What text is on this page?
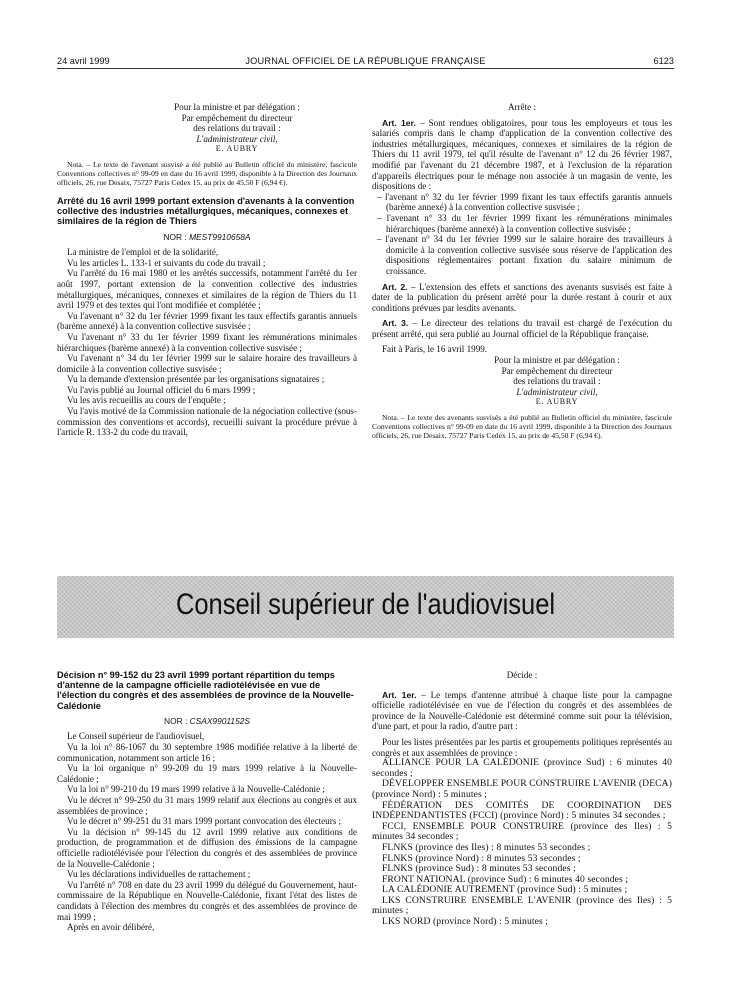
24 avril 1999	JOURNAL OFFICIEL DE LA RÉPUBLIQUE FRANÇAISE	6123

Pour la ministre et par délégation :

Par empêchement du directeur

des relations du travail :

L'administrateur civil,

E. AUBRY

Nota. – Le texte de l'avenant susvisé a été publié au Bulletin officiel du ministère, fascicule Conventions collectives n° 99-09 en date du 16 avril 1999, disponible à la Direction des Journaux officiels, 26, rue Desaix, 75727 Paris Cedex 15, au prix de 45,50 F (6,94 €).

Arrêté du 16 avril 1999 portant extension d'avenants à la convention collective des industries métallurgiques, mécaniques, connexes et similaires de la région de Thiers

NOR : MEST9910658A

La ministre de l'emploi et de la solidarité,

Vu les articles L. 133-1 et suivants du code du travail ;

Vu l'arrêté du 16 mai 1980 et les arrêtés successifs, notamment l'arrêté du 1er août 1997, portant extension de la convention collective des industries métallurgiques, mécaniques, connexes et similaires de la région de Thiers du 11 avril 1979 et des textes qui l'ont modifiée et complétée ;

Vu l'avenant n° 32 du 1er février 1999 fixant les taux effectifs garantis annuels (barème annexé) à la convention collective susvisée ;

Vu l'avenant n° 33 du 1er février 1999 fixant les rémunérations minimales hiérarchiques (barème annexé) à la convention collective susvisée ;

Vu l'avenant n° 34 du 1er février 1999 sur le salaire horaire des travailleurs à domicile à la convention collective susvisée ;

Vu la demande d'extension présentée par les organisations signataires ;

Vu l'avis publié au Journal officiel du 6 mars 1999 ;

Vu les avis recueillis au cours de l'enquête ;

Vu l'avis motivé de la Commission nationale de la négociation collective (sous-commission des conventions et accords), recueilli suivant la procédure prévue à l'article R. 133-2 du code du travail,

Arrête :

Art. 1er. – Sont rendues obligatoires, pour tous les employeurs et tous les salariés compris dans le champ d'application de la convention collective des industries métallurgiques, mécaniques, connexes et similaires de la région de Thiers du 11 avril 1979, tel qu'il résulte de l'avenant n° 12 du 26 février 1987, modifié par l'avenant du 21 décembre 1987, et à l'exclusion de la réparation d'appareils électriques pour le ménage non associée à un magasin de vente, les dispositions de :

– l'avenant n° 32 du 1er février 1999 fixant les taux effectifs garantis annuels (barème annexé) à la convention collective susvisée ;

– l'avenant n° 33 du 1er février 1999 fixant les rémunérations minimales hiérarchiques (barème annexé) à la convention collective susvisée ;

– l'avenant n° 34 du 1er février 1999 sur le salaire horaire des travailleurs à domicile à la convention collective susvisée sous réserve de l'application des dispositions réglementaires portant fixation du salaire minimum de croissance.

Art. 2. – L'extension des effets et sanctions des avenants susvisés est faite à dater de la publication du présent arrêté pour la durée restant à courir et aux conditions prévues par lesdits avenants.

Art. 3. – Le directeur des relations du travail est chargé de l'exécution du présent arrêté, qui sera publié au Journal officiel de la République française.

Fait à Paris, le 16 avril 1999.

Pour la ministre et par délégation :

Par empêchement du directeur

des relations du travail :

L'administrateur civil,

E. AUBRY

Nota. – Le texte des avenants susvisés a été publié au Bulletin officiel du ministère, fascicule Conventions collectives n° 99-09 en date du 16 avril 1999, disponible à la Direction des Journaux officiels, 26, rue Desaix, 75727 Paris Cedex 15, au prix de 45,50 F (6,94 €).

Conseil supérieur de l'audiovisuel

Décision n° 99-152 du 23 avril 1999 portant répartition du temps d'antenne de la campagne officielle radiotélévisée en vue de l'élection du congrès et des assemblées de province de la Nouvelle-Calédonie

NOR : CSAX9901152S

Le Conseil supérieur de l'audiovisuel,

Vu la loi n° 86-1067 du 30 septembre 1986 modifiée relative à la liberté de communication, notamment son article 16 ;

Vu la loi organique n° 99-209 du 19 mars 1999 relative à la Nouvelle-Calédonie ;

Vu la loi n° 99-210 du 19 mars 1999 relative à la Nouvelle-Calédonie ;

Vu le décret n° 99-250 du 31 mars 1999 relatif aux élections au congrès et aux assemblées de province ;

Vu le décret n° 99-251 du 31 mars 1999 portant convocation des électeurs ;

Vu la décision n° 99-145 du 12 avril 1999 relative aux conditions de production, de programmation et de diffusion des émissions de la campagne officielle radiotélévisée pour l'élection du congrès et des assemblées de province de la Nouvelle-Calédonie ;

Vu les déclarations individuelles de rattachement ;

Vu l'arrêté n° 708 en date du 23 avril 1999 du délégué du Gouvernement, haut-commissaire de la République en Nouvelle-Calédonie, fixant l'état des listes de candidats à l'élection des membres du congrès et des assemblées de province de mai 1999 ;

Après en avoir délibéré,

Décide :

Art. 1er. – Le temps d'antenne attribué à chaque liste pour la campagne officielle radiotélévisée en vue de l'élection du congrès et des assemblées de province de la Nouvelle-Calédonie est déterminé comme suit pour la télévision, d'une part, et pour la radio, d'autre part :

Pour les listes présentées par les partis et groupements politiques représentés au congrès et aux assemblées de province :

ALLIANCE POUR LA CALÉDONIE (province Sud) : 6 minutes 40 secondes ;

DÉVELOPPER ENSEMBLE POUR CONSTRUIRE L'AVENIR (DECA) (province Nord) : 5 minutes ;

FÉDÉRATION DES COMITÉS DE COORDINATION DES INDÉPENDANTISTES (FCCI) (province Nord) : 5 minutes 34 secondes ;

FCCI, ENSEMBLE POUR CONSTRUIRE (province des Iles) : 5 minutes 34 secondes ;

FLNKS (province des Iles) : 8 minutes 53 secondes ;

FLNKS (province Nord) : 8 minutes 53 secondes ;

FLNKS (province Sud) : 8 minutes 53 secondes ;

FRONT NATIONAL (province Sud) : 6 minutes 40 secondes ;

LA CALÉDONIE AUTREMENT (province Sud) : 5 minutes ;

LKS CONSTRUIRE ENSEMBLE L'AVENIR (province des Iles) : 5 minutes ;

LKS NORD (province Nord) : 5 minutes ;
